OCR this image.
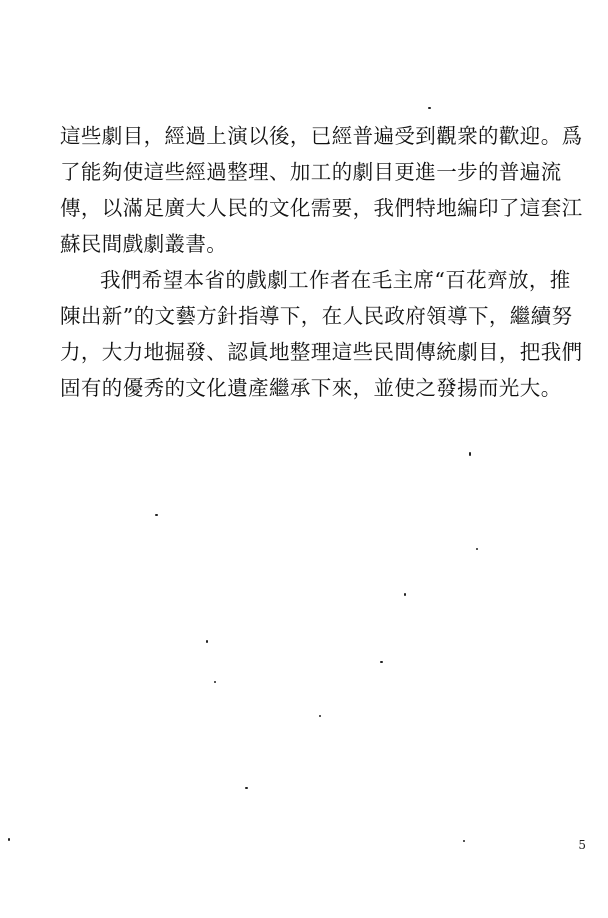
這些劇目，經過上演以後，已經普遍受到觀衆的歡迎。爲
了能夠使這些經過整理、加工的劇目更進一步的普遍流
傳，以滿足廣大人民的文化需要，我們特地編印了這套江
蘇民間戲劇叢書。

我們希望本省的戲劇工作者在毛主席“百花齊放，推
陳出新”的文藝方針指導下，在人民政府領導下，繼續努
力，大力地掘發、認眞地整理這些民間傳統劇目，把我們
固有的優秀的文化遺產繼承下來，並使之發揚而光大。

5
